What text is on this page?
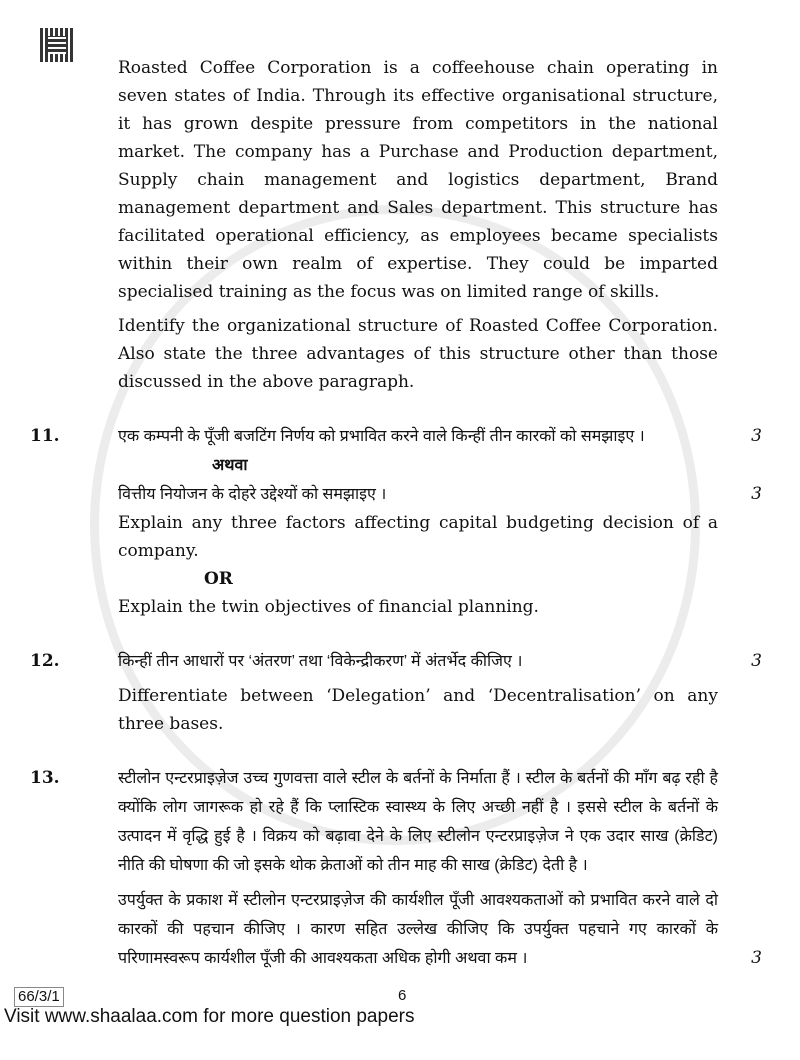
Roasted Coffee Corporation is a coffeehouse chain operating in seven states of India. Through its effective organisational structure, it has grown despite pressure from competitors in the national market. The company has a Purchase and Production department, Supply chain management and logistics department, Brand management department and Sales department. This structure has facilitated operational efficiency, as employees became specialists within their own realm of expertise. They could be imparted specialised training as the focus was on limited range of skills.
Identify the organizational structure of Roasted Coffee Corporation. Also state the three advantages of this structure other than those discussed in the above paragraph.
11.	एक कम्पनी के पूँजी बजटिंग निर्णय को प्रभावित करने वाले किन्हीं तीन कारकों को समझाइए ।	3
अथवा
वित्तीय नियोजन के दोहरे उद्देश्यों को समझाइए ।	3
Explain any three factors affecting capital budgeting decision of a company.
OR
Explain the twin objectives of financial planning.
12.	किन्हीं तीन आधारों पर ‘अंतरण’ तथा ‘विकेन्द्रीकरण’ में अंतर्भेद कीजिए ।	3
Differentiate between ‘Delegation’ and ‘Decentralisation’ on any three bases.
13.	स्टीलोन एन्टरप्राइज़ेज उच्च गुणवत्ता वाले स्टील के बर्तनों के निर्माता हैं । स्टील के बर्तनों की माँग बढ़ रही है क्योंकि लोग जागरूक हो रहे हैं कि प्लास्टिक स्वास्थ्य के लिए अच्छी नहीं है । इससे स्टील के बर्तनों के उत्पादन में वृद्धि हुई है । विक्रय को बढ़ावा देने के लिए स्टीलोन एन्टरप्राइज़ेज ने एक उदार साख (क्रेडिट) नीति की घोषणा की जो इसके थोक क्रेताओं को तीन माह की साख (क्रेडिट) देती है ।
उपर्युक्त के प्रकाश में स्टीलोन एन्टरप्राइज़ेज की कार्यशील पूँजी आवश्यकताओं को प्रभावित करने वाले दो कारकों की पहचान कीजिए । कारण सहित उल्लेख कीजिए कि उपर्युक्त पहचाने गए कारकों के परिणामस्वरूप कार्यशील पूँजी की आवश्यकता अधिक होगी अथवा कम ।	3
66/3/1	6
Visit www.shaalaa.com for more question papers
